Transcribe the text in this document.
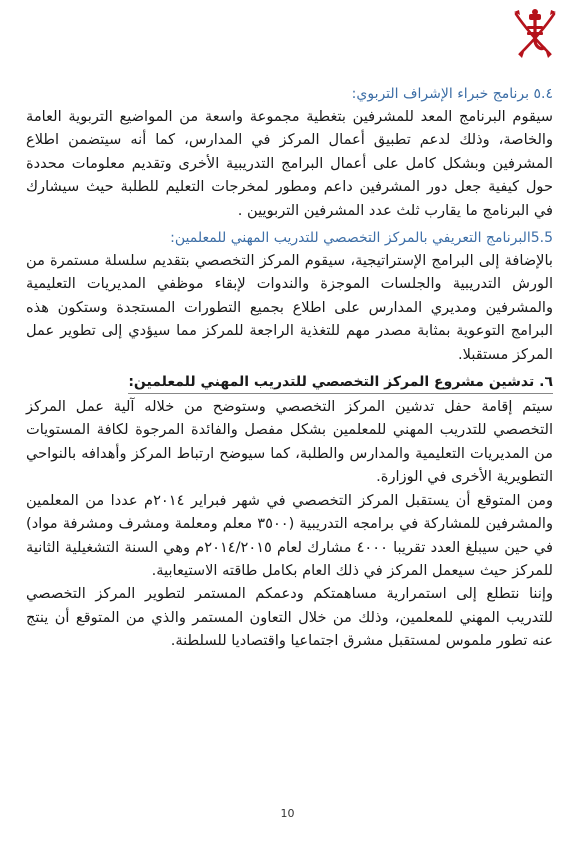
٥.٤ برنامج خبراء الإشراف التربوي:

سيقوم البرنامج المعد للمشرفين بتغطية مجموعة واسعة من المواضيع التربوية العامة والخاصة، وذلك لدعم تطبيق أعمال المركز في المدارس، كما أنه سيتضمن اطلاع المشرفين وبشكل كامل على أعمال البرامج التدريبية الأخرى وتقديم معلومات محددة حول كيفية جعل دور المشرفين داعم ومطور لمخرجات التعليم للطلبة حيث سيشارك في البرنامج ما يقارب ثلث عدد المشرفين التربويين .

5.5البرنامج التعريفي بالمركز التخصصي للتدريب المهني للمعلمين:

بالإضافة إلى البرامج الإستراتيجية، سيقوم المركز التخصصي بتقديم سلسلة مستمرة من الورش التدريبية والجلسات الموجزة والندوات لإبقاء موظفي المديريات التعليمية والمشرفين ومديري المدارس على اطلاع بجميع التطورات المستجدة وستكون هذه البرامج التوعوية بمثابة مصدر مهم للتغذية الراجعة للمركز مما سيؤدي إلى تطوير عمل المركز مستقبلا.

٦. تدشين مشروع المركز التخصصي للتدريب المهني للمعلمين:

سيتم إقامة حفل تدشين المركز التخصصي وستوضح من خلاله آلية عمل المركز التخصصي للتدريب المهني للمعلمين بشكل مفصل والفائدة المرجوة لكافة المستويات من المديريات التعليمية والمدارس والطلبة، كما سيوضح ارتباط المركز وأهدافه بالنواحي التطويرية الأخرى في الوزارة.

ومن المتوقع أن يستقبل المركز التخصصي في شهر فبراير ٢٠١٤م عددا من المعلمين والمشرفين للمشاركة في برامجه التدريبية (٣٥٠٠ معلم ومعلمة ومشرف ومشرفة مواد) في حين سيبلغ العدد تقريبا ٤٠٠٠ مشارك لعام ٢٠١٤/٢٠١٥م وهي السنة التشغيلية الثانية للمركز حيث سيعمل المركز في ذلك العام بكامل طاقته الاستيعابية.

وإننا نتطلع إلى استمرارية مساهمتكم ودعمكم المستمر لتطوير المركز التخصصي للتدريب المهني للمعلمين، وذلك من خلال التعاون المستمر والذي من المتوقع أن ينتج عنه تطور ملموس لمستقبل مشرق اجتماعيا واقتصاديا للسلطنة.

10
